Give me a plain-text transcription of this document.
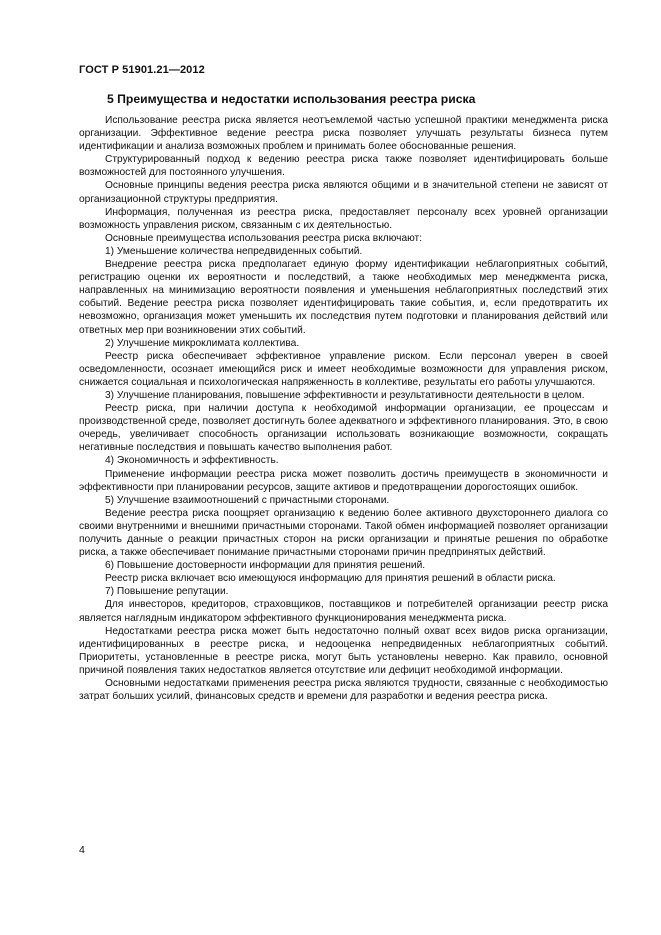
ГОСТ Р 51901.21—2012
5 Преимущества и недостатки использования реестра риска

Использование реестра риска является неотъемлемой частью успешной практики менеджмента риска организации. Эффективное ведение реестра риска позволяет улучшать результаты бизнеса путем идентификации и анализа возможных проблем и принимать более обоснованные решения.

Структурированный подход к ведению реестра риска также позволяет идентифицировать больше возможностей для постоянного улучшения.

Основные принципы ведения реестра риска являются общими и в значительной степени не зависят от организационной структуры предприятия.

Информация, полученная из реестра риска, предоставляет персоналу всех уровней организации возможность управления риском, связанным с их деятельностью.

Основные преимущества использования реестра риска включают:

1) Уменьшение количества непредвиденных событий.

Внедрение реестра риска предполагает единую форму идентификации неблагоприятных событий, регистрацию оценки их вероятности и последствий, а также необходимых мер менеджмента риска, направленных на минимизацию вероятности появления и уменьшения неблагоприятных последствий этих событий. Ведение реестра риска позволяет идентифицировать такие события, и, если предотвратить их невозможно, организация может уменьшить их последствия путем подготовки и планирования действий или ответных мер при возникновении этих событий.

2) Улучшение микроклимата коллектива.

Реестр риска обеспечивает эффективное управление риском. Если персонал уверен в своей осведомленности, осознает имеющийся риск и имеет необходимые возможности для управления риском, снижается социальная и психологическая напряженность в коллективе, результаты его работы улучшаются.

3) Улучшение планирования, повышение эффективности и результативности деятельности в целом.

Реестр риска, при наличии доступа к необходимой информации организации, ее процессам и производственной среде, позволяет достигнуть более адекватного и эффективного планирования. Это, в свою очередь, увеличивает способность организации использовать возникающие возможности, сокращать негативные последствия и повышать качество выполнения работ.

4) Экономичность и эффективность.

Применение информации реестра риска может позволить достичь преимуществ в экономичности и эффективности при планировании ресурсов, защите активов и предотвращении дорогостоящих ошибок.

5) Улучшение взаимоотношений с причастными сторонами.

Ведение реестра риска поощряет организацию к ведению более активного двухстороннего диалога со своими внутренними и внешними причастными сторонами. Такой обмен информацией позволяет организации получить данные о реакции причастных сторон на риски организации и принятые решения по обработке риска, а также обеспечивает понимание причастными сторонами причин предпринятых действий.

6) Повышение достоверности информации для принятия решений.

Реестр риска включает всю имеющуюся информацию для принятия решений в области риска.

7) Повышение репутации.

Для инвесторов, кредиторов, страховщиков, поставщиков и потребителей организации реестр риска является наглядным индикатором эффективного функционирования менеджмента риска.

Недостатками реестра риска может быть недостаточно полный охват всех видов риска организации, идентифицированных в реестре риска, и недооценка непредвиденных неблагоприятных событий. Приоритеты, установленные в реестре риска, могут быть установлены неверно. Как правило, основной причиной появления таких недостатков является отсутствие или дефицит необходимой информации.

Основными недостатками применения реестра риска являются трудности, связанные с необходимостью затрат больших усилий, финансовых средств и времени для разработки и ведения реестра риска.

4
